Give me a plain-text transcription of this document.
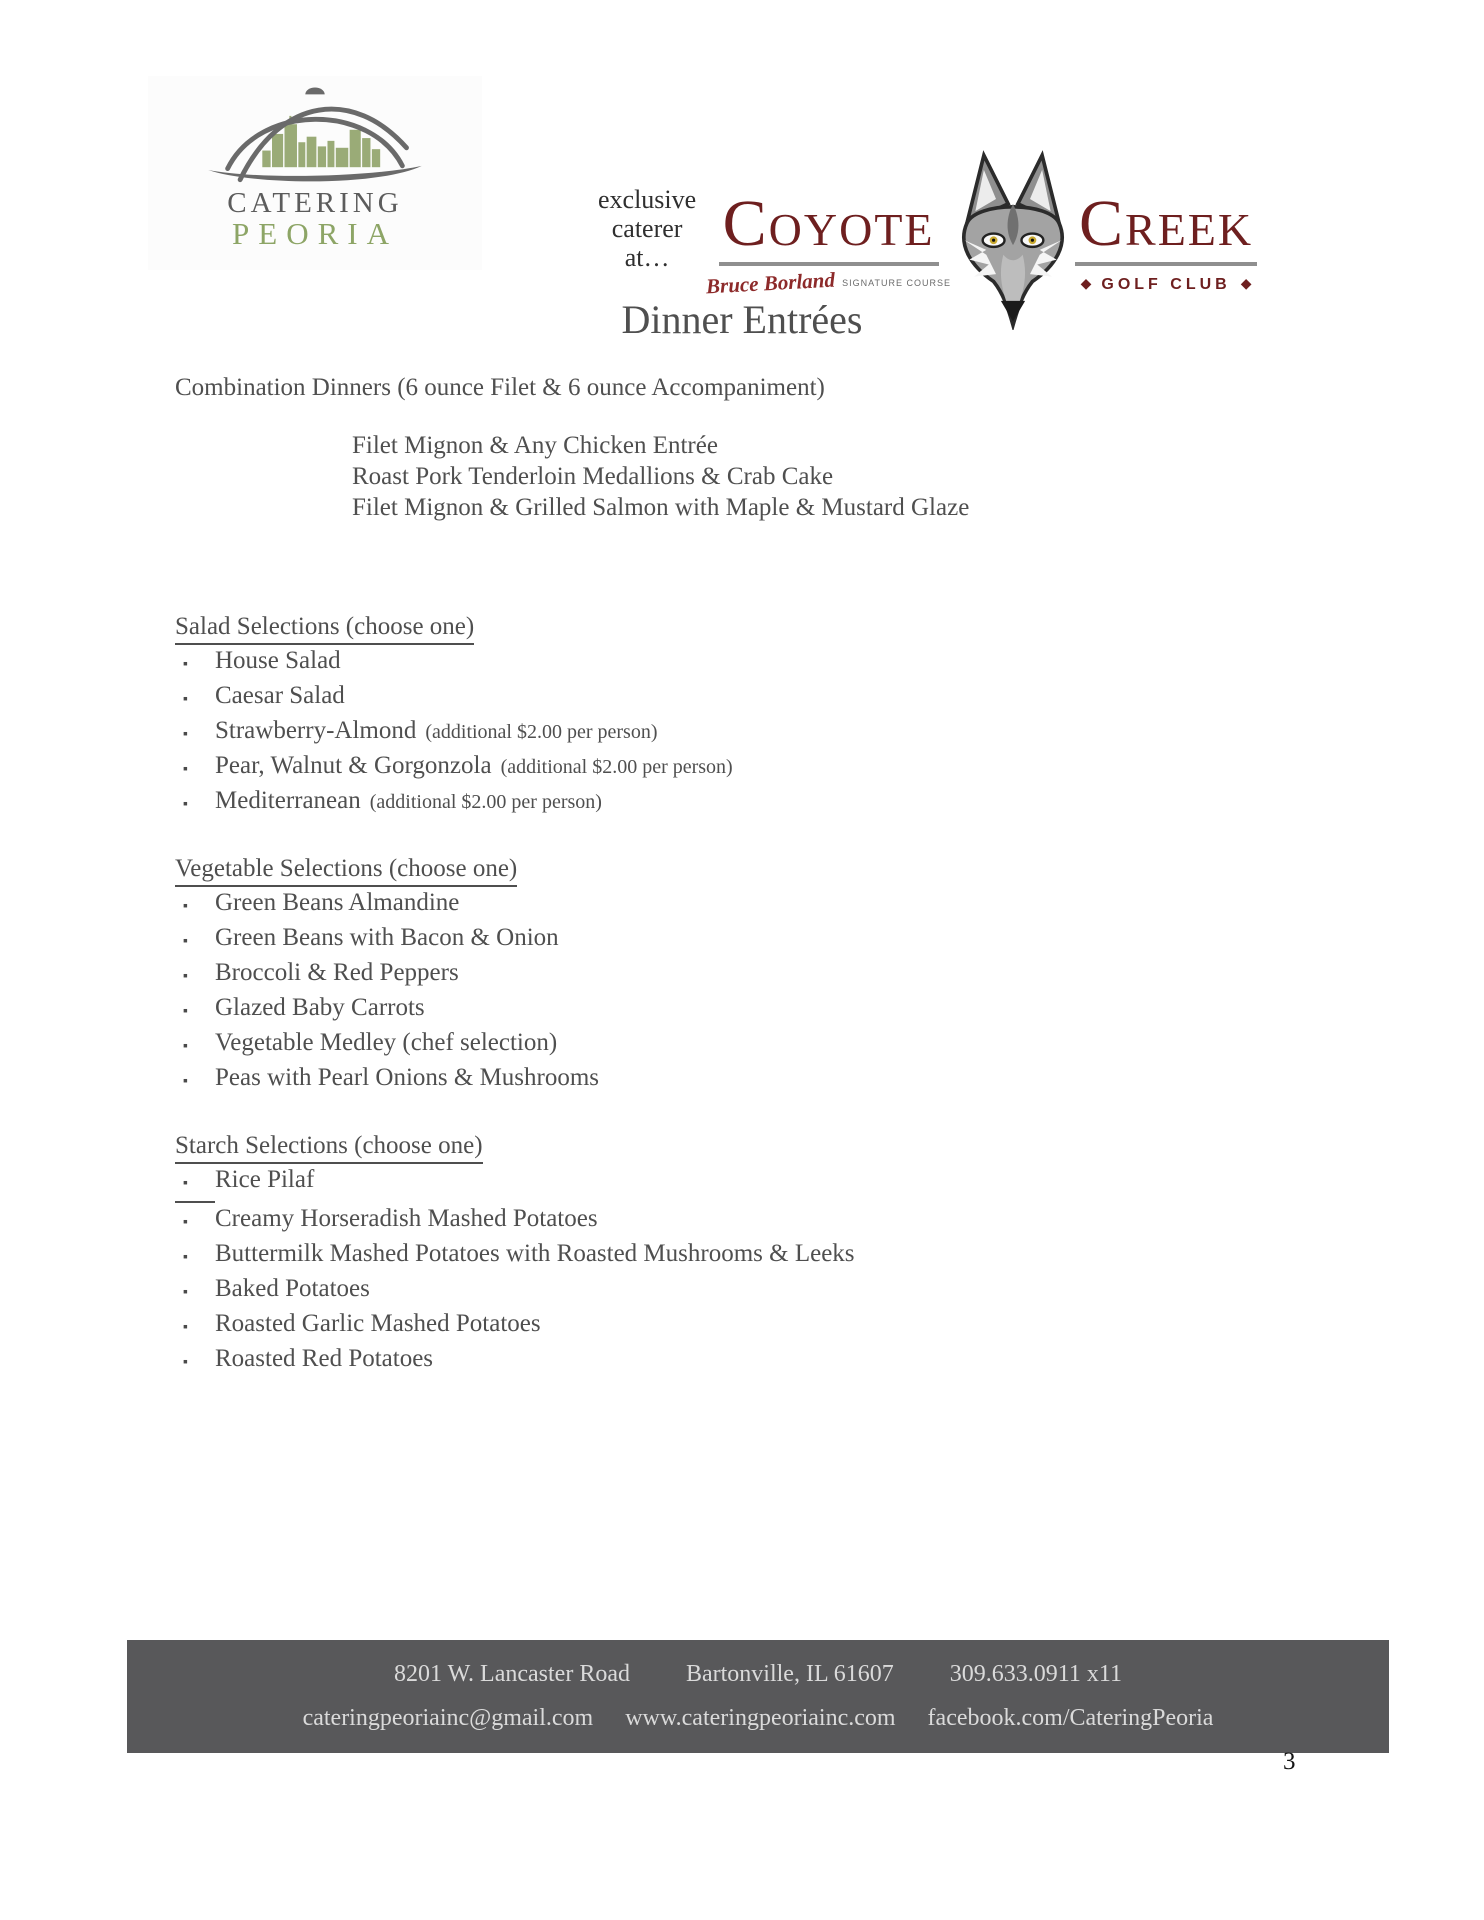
CATERING
PEORIA
exclusive
caterer
at…	COYOTE
Bruce Borland SIGNATURE COURSE
CREEK
◆ GOLF CLUB ◆
Dinner Entrées
Combination Dinners (6 ounce Filet & 6 ounce Accompaniment)
Filet Mignon & Any Chicken Entrée
Roast Pork Tenderloin Medallions & Crab Cake
Filet Mignon & Grilled Salmon with Maple & Mustard Glaze
Salad Selections (choose one)
▪	House Salad
▪	Caesar Salad
▪	Strawberry-Almond (additional $2.00 per person)
▪	Pear, Walnut & Gorgonzola (additional $2.00 per person)
▪	Mediterranean (additional $2.00 per person)
Vegetable Selections (choose one)
▪	Green Beans Almandine
▪	Green Beans with Bacon & Onion
▪	Broccoli & Red Peppers
▪	Glazed Baby Carrots
▪	Vegetable Medley (chef selection)
▪	Peas with Pearl Onions & Mushrooms
Starch Selections (choose one)
▪	Rice Pilaf
▪	Creamy Horseradish Mashed Potatoes
▪	Buttermilk Mashed Potatoes with Roasted Mushrooms & Leeks
▪	Baked Potatoes
▪	Roasted Garlic Mashed Potatoes
▪	Roasted Red Potatoes
8201 W. Lancaster Road Bartonville, IL 61607 309.633.0911 x11
cateringpeoriainc@gmail.com www.cateringpeoriainc.com facebook.com/CateringPeoria
3
